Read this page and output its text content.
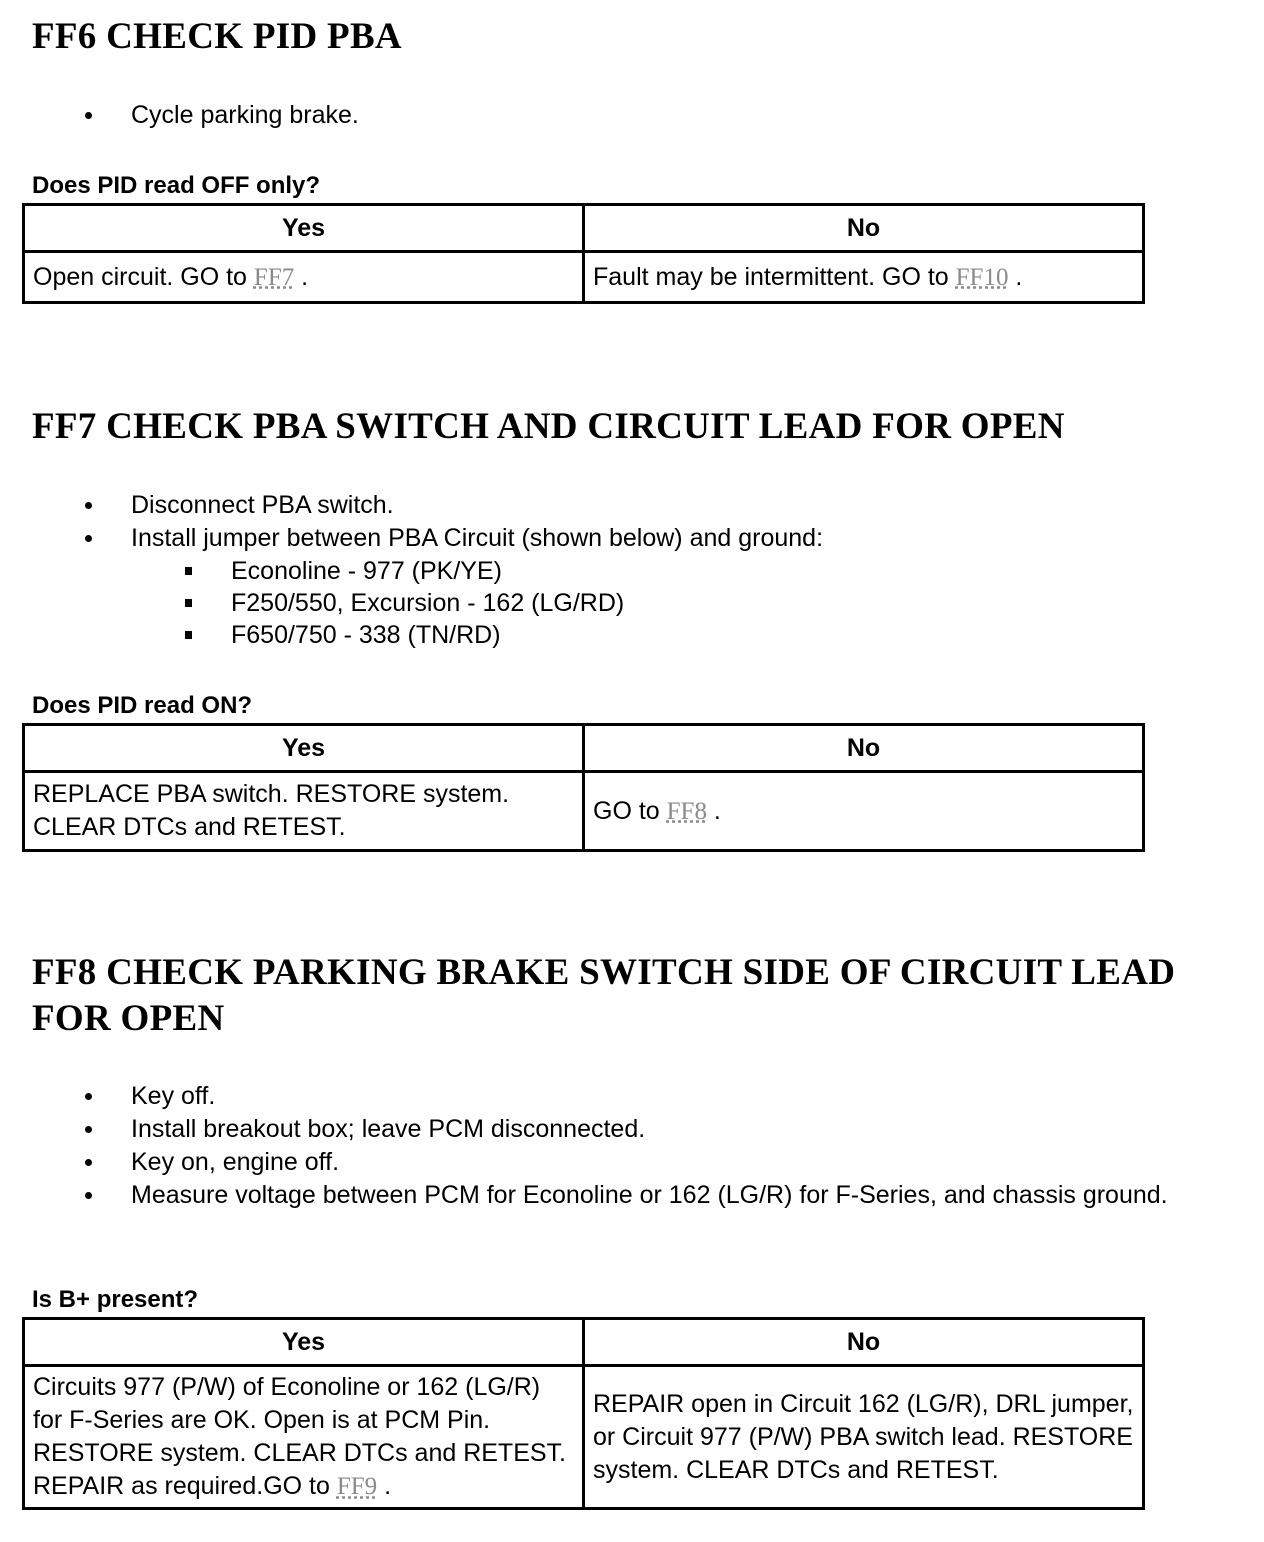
FF6 CHECK PID PBA
Cycle parking brake.

Does PID read OFF only?

Yes	No
Open circuit. GO to FF7 .	Fault may be intermittent. GO to FF10 .
FF7 CHECK PBA SWITCH AND CIRCUIT LEAD FOR OPEN
Disconnect PBA switch.
Install jumper between PBA Circuit (shown below) and ground:
Econoline - 977 (PK/YE)
F250/550, Excursion - 162 (LG/RD)
F650/750 - 338 (TN/RD)

Does PID read ON?

Yes	No
REPLACE PBA switch. RESTORE system. CLEAR DTCs and RETEST.	GO to FF8 .
FF8 CHECK PARKING BRAKE SWITCH SIDE OF CIRCUIT LEAD FOR OPEN
Key off.
Install breakout box; leave PCM disconnected.
Key on, engine off.
Measure voltage between PCM for Econoline or 162 (LG/R) for F-Series, and chassis ground.

Is B+ present?

Yes	No
Circuits 977 (P/W) of Econoline or 162 (LG/R) for F-Series are OK. Open is at PCM Pin. RESTORE system. CLEAR DTCs and RETEST. REPAIR as required.GO to FF9 .	REPAIR open in Circuit 162 (LG/R), DRL jumper, or Circuit 977 (P/W) PBA switch lead. RESTORE system. CLEAR DTCs and RETEST.
